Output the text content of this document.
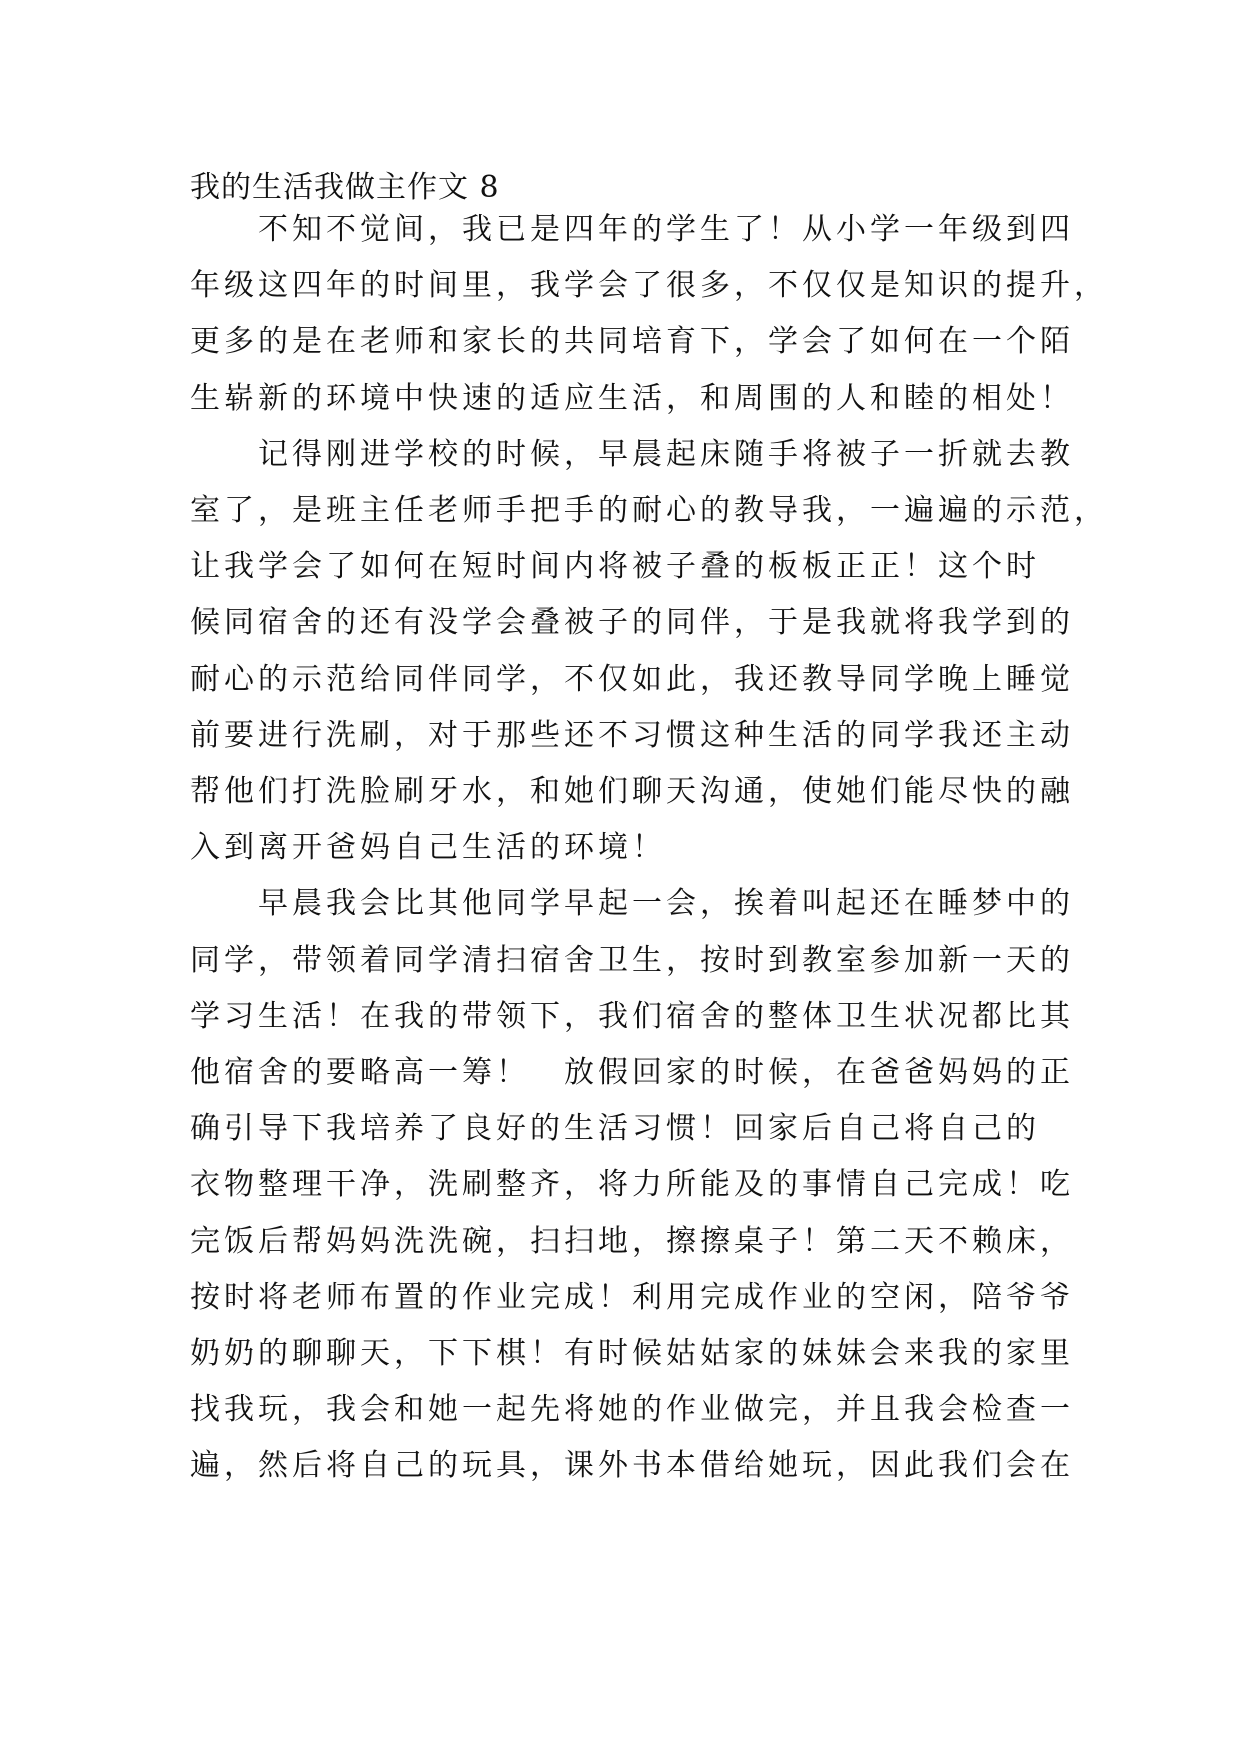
我的生活我做主作文 8
　　不知不觉间，我已是四年的学生了！从小学一年级到四
年级这四年的时间里，我学会了很多，不仅仅是知识的提升，
更多的是在老师和家长的共同培育下，学会了如何在一个陌
生崭新的环境中快速的适应生活，和周围的人和睦的相处！
　　记得刚进学校的时候，早晨起床随手将被子一折就去教
室了，是班主任老师手把手的耐心的教导我，一遍遍的示范，
让我学会了如何在短时间内将被子叠的板板正正！这个时
候同宿舍的还有没学会叠被子的同伴，于是我就将我学到的
耐心的示范给同伴同学，不仅如此，我还教导同学晚上睡觉
前要进行洗刷，对于那些还不习惯这种生活的同学我还主动
帮他们打洗脸刷牙水，和她们聊天沟通，使她们能尽快的融
入到离开爸妈自己生活的环境！
　　早晨我会比其他同学早起一会，挨着叫起还在睡梦中的
同学，带领着同学清扫宿舍卫生，按时到教室参加新一天的
学习生活！在我的带领下，我们宿舍的整体卫生状况都比其
他宿舍的要略高一筹！　放假回家的时候，在爸爸妈妈的正
确引导下我培养了良好的生活习惯！回家后自己将自己的
衣物整理干净，洗刷整齐，将力所能及的事情自己完成！吃
完饭后帮妈妈洗洗碗，扫扫地，擦擦桌子！第二天不赖床，
按时将老师布置的作业完成！利用完成作业的空闲，陪爷爷
奶奶的聊聊天，下下棋！有时候姑姑家的妹妹会来我的家里
找我玩，我会和她一起先将她的作业做完，并且我会检查一
遍，然后将自己的玩具，课外书本借给她玩，因此我们会在
